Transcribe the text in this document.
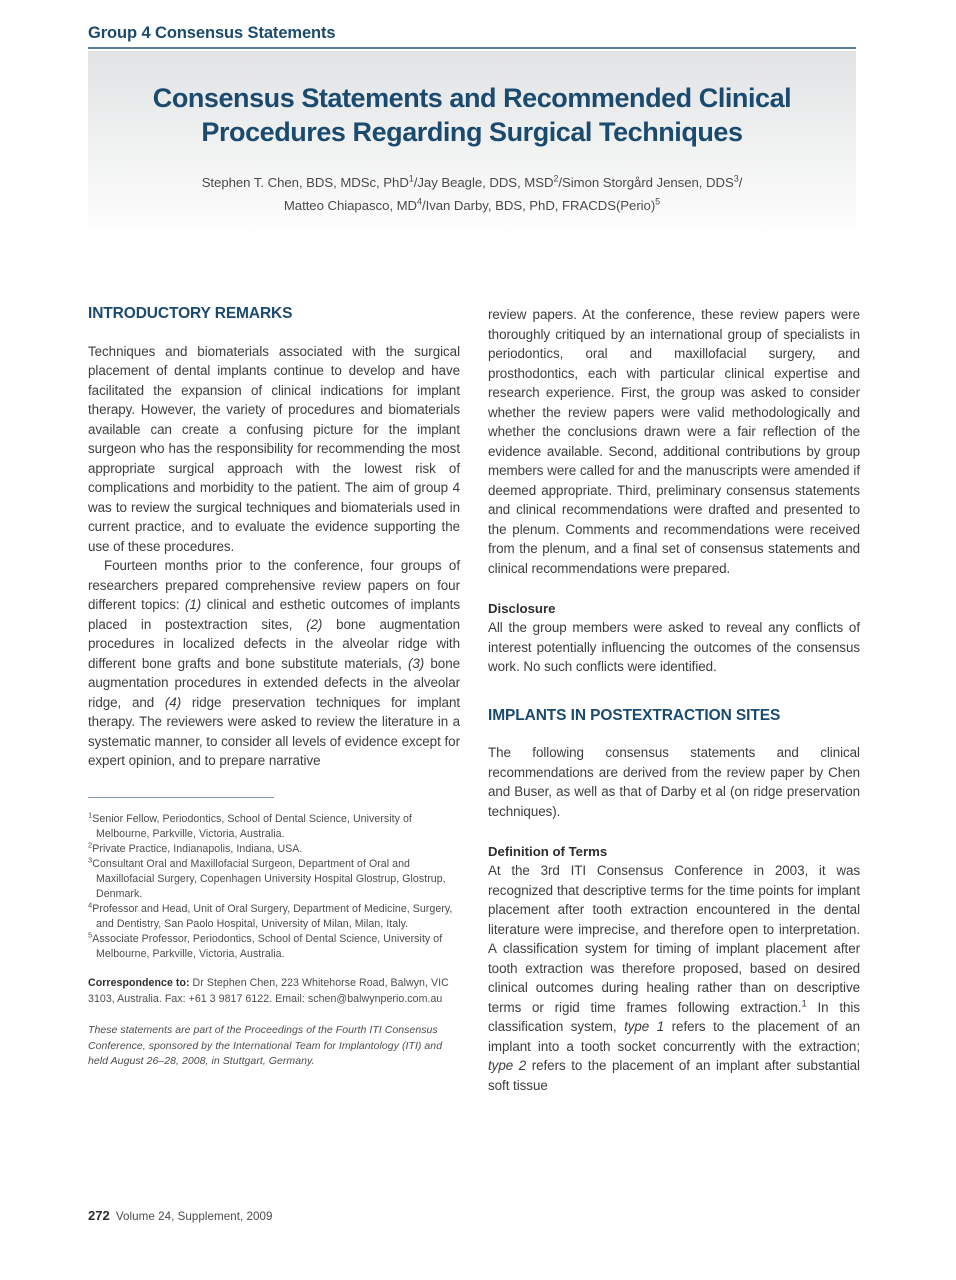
Group 4 Consensus Statements
Consensus Statements and Recommended Clinical Procedures Regarding Surgical Techniques
Stephen T. Chen, BDS, MDSc, PhD$^1$/Jay Beagle, DDS, MSD$^2$/Simon Storgård Jensen, DDS$^3$/
Matteo Chiapasco, $MD^4$/Ivan Darby, BDS, PhD, FRACDS(Perio)$^5$
INTRODUCTORY REMARKS

Techniques and biomaterials associated with the surgical placement of dental implants continue to develop and have facilitated the expansion of clinical indications for implant therapy. However, the variety of procedures and biomaterials available can create a confusing picture for the implant surgeon who has the responsibility for recommending the most appropriate surgical approach with the lowest risk of complications and morbidity to the patient. The aim of group 4 was to review the surgical techniques and biomaterials used in current practice, and to evaluate the evidence supporting the use of these procedures.

Fourteen months prior to the conference, four groups of researchers prepared comprehensive review papers on four different topics: (1) clinical and esthetic outcomes of implants placed in postextraction sites, (2) bone augmentation procedures in localized defects in the alveolar ridge with different bone grafts and bone substitute materials, (3) bone augmentation procedures in extended defects in the alveolar ridge, and (4) ridge preservation techniques for implant therapy. The reviewers were asked to review the literature in a systematic manner, to consider all levels of evidence except for expert opinion, and to prepare narrative

$^1$Senior Fellow, Periodontics, School of Dental Science, University of Melbourne, Parkville, Victoria, Australia.
$^2$Private Practice, Indianapolis, Indiana, USA.
$^3$Consultant Oral and Maxillofacial Surgeon, Department of Oral and Maxillofacial Surgery, Copenhagen University Hospital Glostrup, Glostrup, Denmark.
$^4$Professor and Head, Unit of Oral Surgery, Department of Medicine, Surgery, and Dentistry, San Paolo Hospital, University of Milan, Milan, Italy.
$^5$Associate Professor, Periodontics, School of Dental Science, University of Melbourne, Parkville, Victoria, Australia.
Correspondence to: Dr Stephen Chen, 223 Whitehorse Road, Balwyn, VIC 3103, Australia. Fax: +61 3 9817 6122. Email: schen@balwynperio.com.au
These statements are part of the Proceedings of the Fourth ITI Consensus Conference, sponsored by the International Team for Implantology (ITI) and held August 26–28, 2008, in Stuttgart, Germany.

review papers. At the conference, these review papers were thoroughly critiqued by an international group of specialists in periodontics, oral and maxillofacial surgery, and prosthodontics, each with particular clinical expertise and research experience. First, the group was asked to consider whether the review papers were valid methodologically and whether the conclusions drawn were a fair reflection of the evidence available. Second, additional contributions by group members were called for and the manuscripts were amended if deemed appropriate. Third, preliminary consensus statements and clinical recommendations were drafted and presented to the plenum. Comments and recommendations were received from the plenum, and a final set of consensus statements and clinical recommendations were prepared.

Disclosure

All the group members were asked to reveal any conflicts of interest potentially influencing the outcomes of the consensus work. No such conflicts were identified.

IMPLANTS IN POSTEXTRACTION SITES

The following consensus statements and clinical recommendations are derived from the review paper by Chen and Buser, as well as that of Darby et al (on ridge preservation techniques).

Definition of Terms

At the 3rd ITI Consensus Conference in 2003, it was recognized that descriptive terms for the time points for implant placement after tooth extraction encountered in the dental literature were imprecise, and therefore open to interpretation. A classification system for timing of implant placement after tooth extraction was therefore proposed, based on desired clinical outcomes during healing rather than on descriptive terms or rigid time frames following extraction.$^1$ In this classification system, type 1 refers to the placement of an implant into a tooth socket concurrently with the extraction; type 2 refers to the placement of an implant after substantial soft tissue

272 Volume 24, Supplement, 2009
